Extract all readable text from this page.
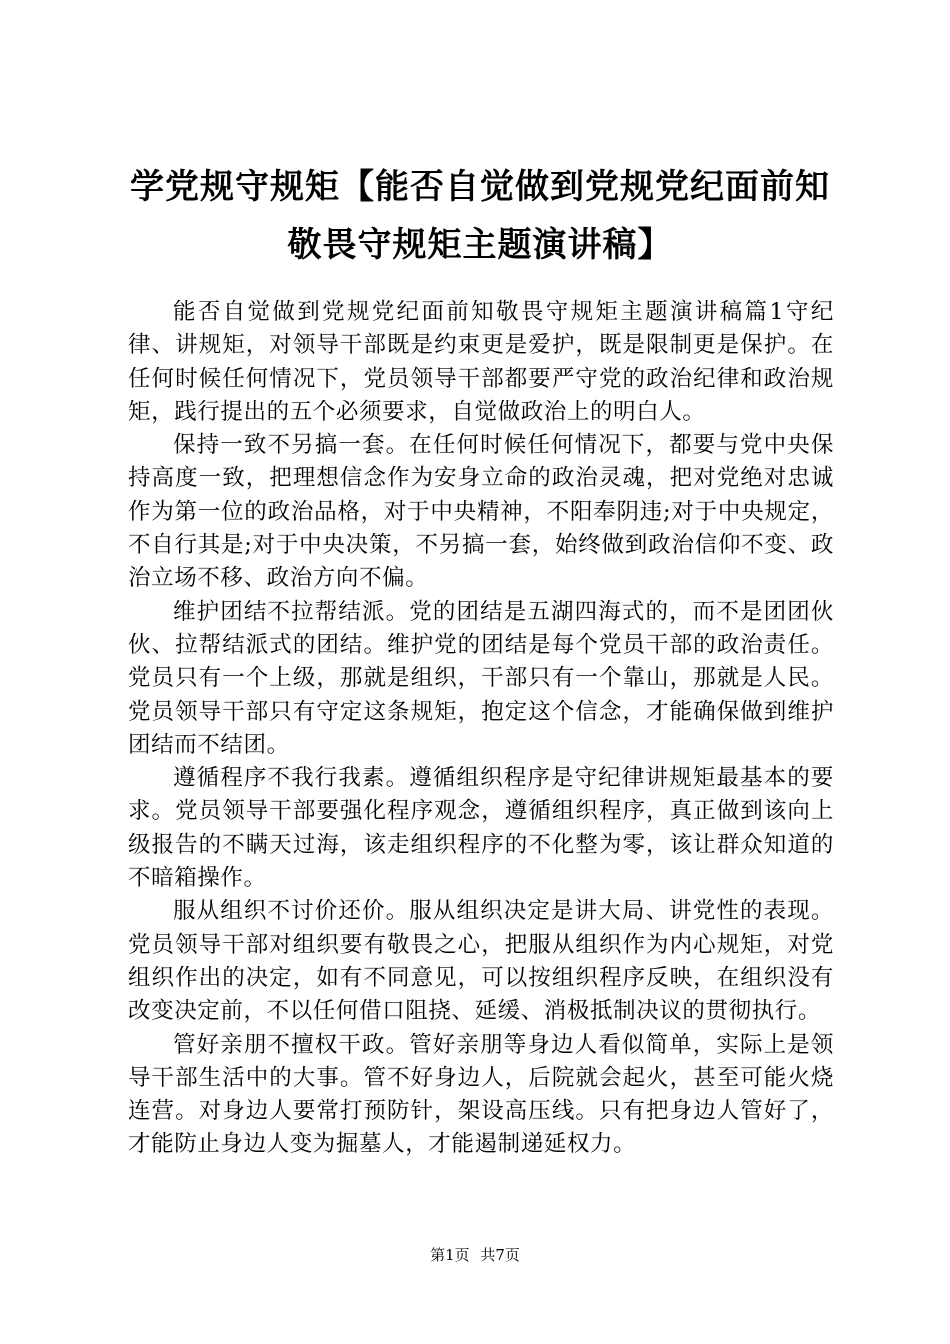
学党规守规矩【能否自觉做到党规党纪面前知敬畏守规矩主题演讲稿】

能否自觉做到党规党纪面前知敬畏守规矩主题演讲稿篇1守纪律、讲规矩，对领导干部既是约束更是爱护，既是限制更是保护。在任何时候任何情况下，党员领导干部都要严守党的政治纪律和政治规矩，践行提出的五个必须要求，自觉做政治上的明白人。

保持一致不另搞一套。在任何时候任何情况下，都要与党中央保持高度一致，把理想信念作为安身立命的政治灵魂，把对党绝对忠诚作为第一位的政治品格，对于中央精神，不阳奉阴违;对于中央规定，不自行其是;对于中央决策，不另搞一套，始终做到政治信仰不变、政治立场不移、政治方向不偏。

维护团结不拉帮结派。党的团结是五湖四海式的，而不是团团伙伙、拉帮结派式的团结。维护党的团结是每个党员干部的政治责任。党员只有一个上级，那就是组织，干部只有一个靠山，那就是人民。党员领导干部只有守定这条规矩，抱定这个信念，才能确保做到维护团结而不结团。

遵循程序不我行我素。遵循组织程序是守纪律讲规矩最基本的要求。党员领导干部要强化程序观念，遵循组织程序，真正做到该向上级报告的不瞒天过海，该走组织程序的不化整为零，该让群众知道的不暗箱操作。

服从组织不讨价还价。服从组织决定是讲大局、讲党性的表现。党员领导干部对组织要有敬畏之心，把服从组织作为内心规矩，对党组织作出的决定，如有不同意见，可以按组织程序反映，在组织没有改变决定前，不以任何借口阻挠、延缓、消极抵制决议的贯彻执行。

管好亲朋不擅权干政。管好亲朋等身边人看似简单，实际上是领导干部生活中的大事。管不好身边人，后院就会起火，甚至可能火烧连营。对身边人要常打预防针，架设高压线。只有把身边人管好了，才能防止身边人变为掘墓人，才能遏制递延权力。

第1页 共7页
